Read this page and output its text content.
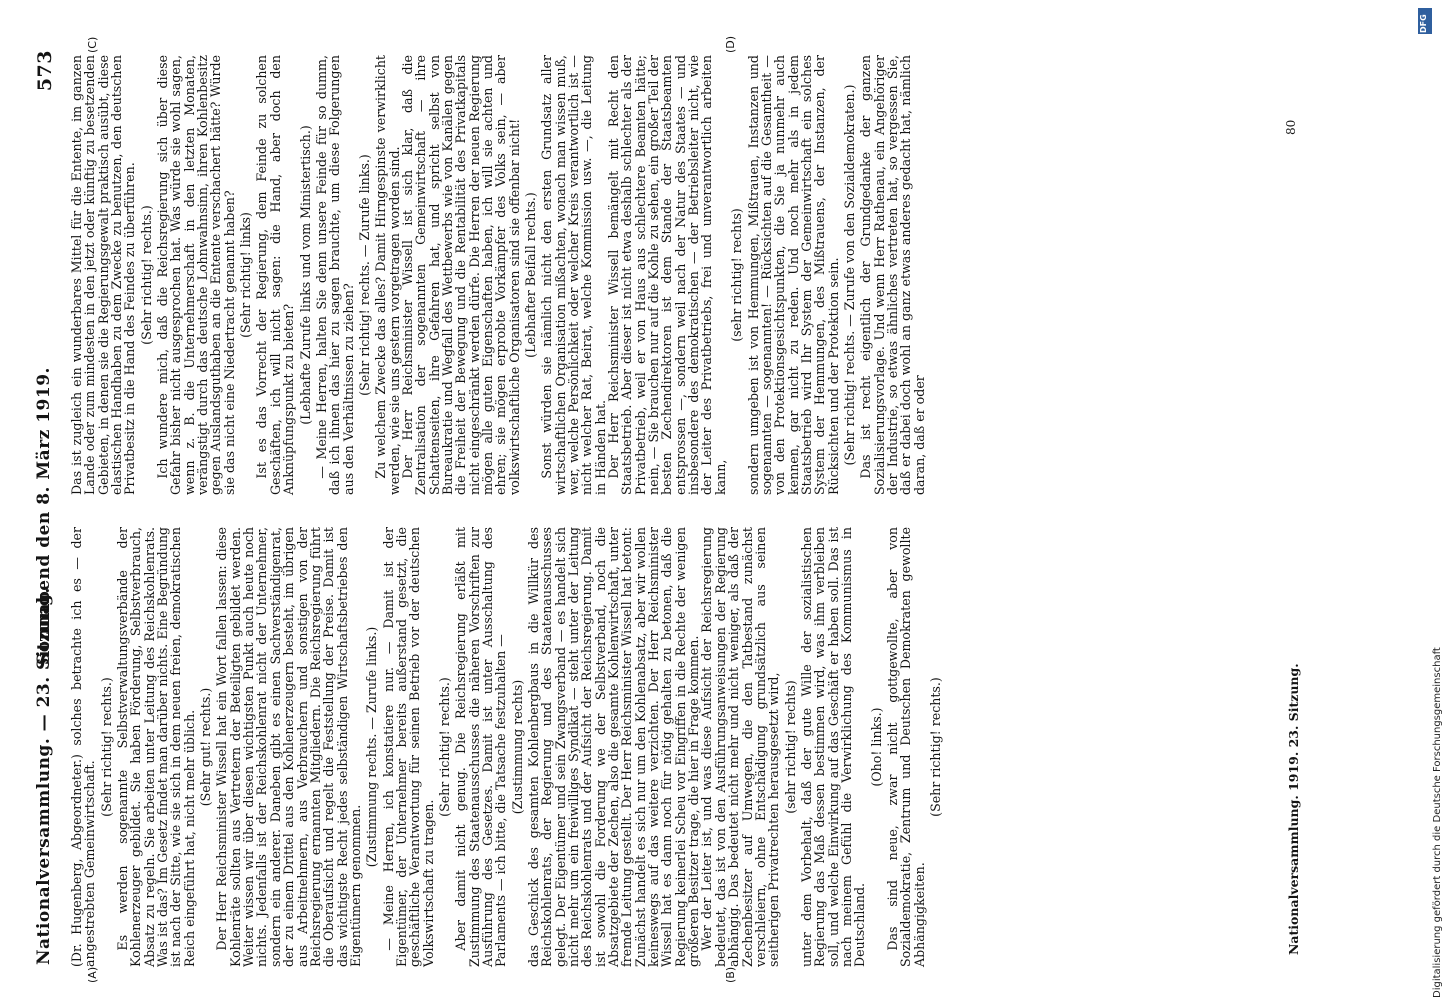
Nationalversammlung. — 23. Sitzung.
Sonnabend den 8. März 1919.
573
(A)	(B)
(C)	(D)

(Dr. Hugenberg, Abgeordneter.) solches betrachte ich es — der angestrebten Gemeinwirtschaft.

(Sehr richtig! rechts.) Es werden sogenannte Selbstverwaltungsverbände der Kohlenerzeuger gebildet. Sie haben Förderung, Selbstverbrauch, Absatz zu regeln. Sie arbeiten unter Leitung des Reichskohlenrats. Was ist das? Im Gesetz findet man darüber nichts. Eine Begründung ist nach der Sitte, wie sie sich in dem neuen freien, demokratischen Reich eingeführt hat, nicht mehr üblich. (Sehr gut! rechts.) Der Herr Reichsminister Wissell hat ein Wort fallen lassen: diese Kohlenräte sollten aus Vertretern der Beteiligten gebildet werden. Weiter wissen wir über diesen wichtigsten Punkt auch heute noch nichts. Jedenfalls ist der Reichskohlenrat nicht der Unternehmer, sondern ein anderer. Daneben gibt es einen Sachverständigenrat, der zu einem Drittel aus den Kohlenerzeugern besteht, im übrigen aus Arbeitnehmern, aus Verbrauchern und sonstigen von der Reichsregierung ernannten Mitgliedern. Die Reichsregierung führt die Oberaufsicht und regelt die Feststellung der Preise. Damit ist das wichtigste Recht jedes selbständigen Wirtschaftsbetriebes den Eigentümern genommen.

(Zustimmung rechts. — Zurufe links.) — Meine Herren, ich konstatiere nur. — Damit ist der Eigentümer, der Unternehmer bereits außerstand gesetzt, die geschäftliche Verantwortung für seinen Betrieb vor der deutschen Volkswirtschaft zu tragen.

(Sehr richtig! rechts.) Aber damit nicht genug. Die Reichsregierung erläßt mit Zustimmung des Staatenausschusses die näheren Vorschriften zur Ausführung des Gesetzes. Damit ist unter Ausschaltung des Parlaments — ich bitte, die Tatsache festzuhalten — (Zustimmung rechts) das Geschick des gesamten Kohlenbergbaus in die Willkür des Reichskohlenrats, der Regierung und des Staatenausschusses gelegt. Der Eigentümer und sein Zwangsverband — es handelt sich nicht mehr um ein freiwilliges Syndikat — steht unter der Leitung des Reichskohlenrats und der Aufsicht der Reichsregierung. Damit ist sowohl die Forderung we der Selbstverband, noch die Absatzgebiete der Zechen, also die gesamte Kohlenwirtschaft, unter fremde Leitung gestellt. Der Herr Reichsminister Wissell hat betont: Zunächst handelt es sich nur um den Kohlenabsatz, aber wir wollen keineswegs auf das weitere verzichten. Der Herr Reichsminister Wissell hat es dann noch für nötig gehalten zu betonen, daß die Regierung keinerlei Scheu vor Eingriffen in die Rechte der wenigen größeren Besitzer trage, die hier in Frage kommen.

Wer der Leiter ist, und was diese Aufsicht der Reichsregierung bedeutet, das ist von den Ausführungsanweisungen der Regierung abhängig. Das bedeutet nicht mehr und nicht weniger, als daß der Zechenbesitzer auf Umwegen, die den Tatbestand zunächst verschleiern, ohne Entschädigung grundsätzlich aus seinen seitherigen Privatrechten herausgesetzt wird, (sehr richtig! rechts) unter dem Vorbehalt, daß der gute Wille der sozialistischen Regierung das Maß dessen bestimmen wird, was ihm verbleiben soll, und welche Einwirkung auf das Geschäft er haben soll. Das ist nach meinem Gefühl die Verwirklichung des Kommunismus in Deutschland.

(Oho! links.) Das sind neue, zwar nicht gottgewollte, aber von Sozialdemokratie, Zentrum und Deutschen Demokraten gewollte Abhängigkeiten.

(Sehr richtig! rechts.)

Das ist zugleich ein wunderbares Mittel für die Entente, im ganzen Lande oder zum mindesten in den jetzt oder künftig zu besetzenden Gebieten, in denen sie die Regierungsgewalt praktisch ausübt, diese elastischen Handhaben zu dem Zwecke zu benutzen, den deutschen Privatbesitz in die Hand des Feindes zu überführen. (Sehr richtig! rechts.) Ich wundere mich, daß die Reichsregierung sich über diese Gefahr bisher nicht ausgesprochen hat. Was würde sie wohl sagen, wenn z. B. die Unternehmerschaft in den letzten Monaten, verängstigt durch das deutsche Lohnwahnsinn, ihren Kohlenbesitz gegen Auslandsguthaben an die Entente verschachert hätte? Würde sie das nicht eine Niedertracht genannt haben? (Sehr richtig! links) Ist es das Vorrecht der Regierung, dem Feinde zu solchen Geschäften, ich will nicht sagen: die Hand, aber doch den Anknüpfungspunkt zu bieten? (Lebhafte Zurufe links und vom Ministertisch.) — Meine Herren, halten Sie denn unsere Feinde für so dumm, daß ich ihnen das hier zu sagen brauchte, um diese Folgerungen aus den Verhältnissen zu ziehen? (Sehr richtig! rechts. — Zurufe links.) Zu welchem Zwecke das alles? Damit Hirngespinste verwirklicht werden, wie sie uns gestern vorgetragen worden sind.

Der Herr Reichsminister Wissell ist sich klar, daß die Zentralisation der sogenannten Gemeinwirtschaft — ihre Schattenseiten, ihre Gefahren hat, und spricht selbst von Bureaukratie und Wegfall des Wettbewerbs wie von Kanälen gegen die Freiheit der Bewegung und die Rentabilität des Privatkapitals nicht eingeschränkt werden dürfe. Die Herren der neuen Regierung mögen alle guten Eigenschaften haben, ich will sie achten und ehren; sie mögen erprobte Vorkämpfer des Volks sein, — aber volkswirtschaftliche Organisatoren sind sie offenbar nicht! (Lebhafter Beifall rechts.) Sonst würden sie nämlich nicht den ersten Grundsatz aller wirtschaftlichen Organisation mißachten, wonach man wissen muß, wer, welche Persönlichkeit oder welcher Kreis verantwortlich ist — nicht welcher Rat, Beirat, welche Kommission usw. —, die Leitung in Händen hat.

Der Herr Reichsminister Wissell bemängelt mit Recht den Staatsbetrieb. Aber dieser ist nicht etwa deshalb schlechter als der Privatbetrieb, weil er von Haus aus schlechtere Beamten hätte; nein, — Sie brauchen nur auf die Kohle zu sehen, ein großer Teil der besten Zechendirektoren ist dem Stande der Staatsbeamten entsprossen —, sondern weil nach der Natur des Staates — und insbesondere des demokratischen — der Betriebsleiter nicht, wie der Leiter des Privatbetriebs, frei und unverantwortlich arbeiten kann,

(sehr richtig! rechts) sondern umgeben ist von Hemmungen, Mißtrauen, Instanzen und sogenannten — sogenannten! — Rücksichten auf die Gesamtheit — von den Protektionsgesichtspunkten, die Sie ja nunmehr auch kennen, gar nicht zu reden. Und noch mehr als in jedem Staatsbetrieb wird Ihr System der Gemeinwirtschaft ein solches System der Hemmungen, des Mißtrauens, der Instanzen, der Rücksichten und der Protektion sein. (Sehr richtig! rechts. — Zurufe von den Sozialdemokraten.) Das ist recht eigentlich der Grundgedanke der ganzen Sozialisierungsvorlage. Und wenn Herr Rathenau, ein Angehöriger der Industrie, so etwas ähnliches vertreten hat, so vergessen Sie, daß er dabei doch wohl an ganz etwas anderes gedacht hat, nämlich daran, daß er oder

Nationalversammlung. 1919. 23. Sitzung.
80
Digitalisierung gefördert durch die Deutsche Forschungsgemeinschaft
DFG
